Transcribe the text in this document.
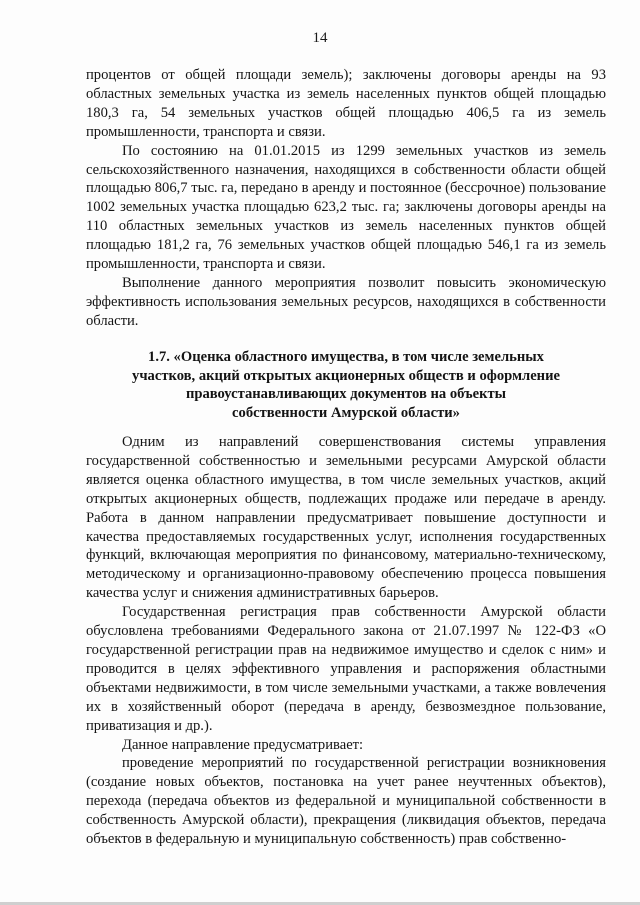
14

процентов от общей площади земель); заключены договоры аренды на 93 областных земельных участка из земель населенных пунктов общей площадью 180,3 га, 54 земельных участков общей площадью 406,5 га из земель промышленности, транспорта и связи.

По состоянию на 01.01.2015 из 1299 земельных участков из земель сельскохозяйственного назначения, находящихся в собственности области общей площадью 806,7 тыс. га, передано в аренду и постоянное (бессрочное) пользование 1002 земельных участка площадью 623,2 тыс. га; заключены договоры аренды на 110 областных земельных участков из земель населенных пунктов общей площадью 181,2 га, 76 земельных участков общей площадью 546,1 га из земель промышленности, транспорта и связи.

Выполнение данного мероприятия позволит повысить экономическую эффективность использования земельных ресурсов, находящихся в собственности области.

1.7. «Оценка областного имущества, в том числе земельных
участков, акций открытых акционерных обществ и оформление
правоустанавливающих документов на объекты
собственности Амурской области»

Одним из направлений совершенствования системы управления государственной собственностью и земельными ресурсами Амурской области является оценка областного имущества, в том числе земельных участков, акций открытых акционерных обществ, подлежащих продаже или передаче в аренду. Работа в данном направлении предусматривает повышение доступности и качества предоставляемых государственных услуг, исполнения государственных функций, включающая мероприятия по финансовому, материально-техническому, методическому и организационно-правовому обеспечению процесса повышения качества услуг и снижения административных барьеров.

Государственная регистрация прав собственности Амурской области обусловлена требованиями Федерального закона от 21.07.1997 № 122-ФЗ «О государственной регистрации прав на недвижимое имущество и сделок с ним» и проводится в целях эффективного управления и распоряжения областными объектами недвижимости, в том числе земельными участками, а также вовлечения их в хозяйственный оборот (передача в аренду, безвозмездное пользование, приватизация и др.).

Данное направление предусматривает:

проведение мероприятий по государственной регистрации возникновения (создание новых объектов, постановка на учет ранее неучтенных объектов), перехода (передача объектов из федеральной и муниципальной собственности в собственность Амурской области), прекращения (ликвидация объектов, передача объектов в федеральную и муниципальную собственность) прав собственно-
